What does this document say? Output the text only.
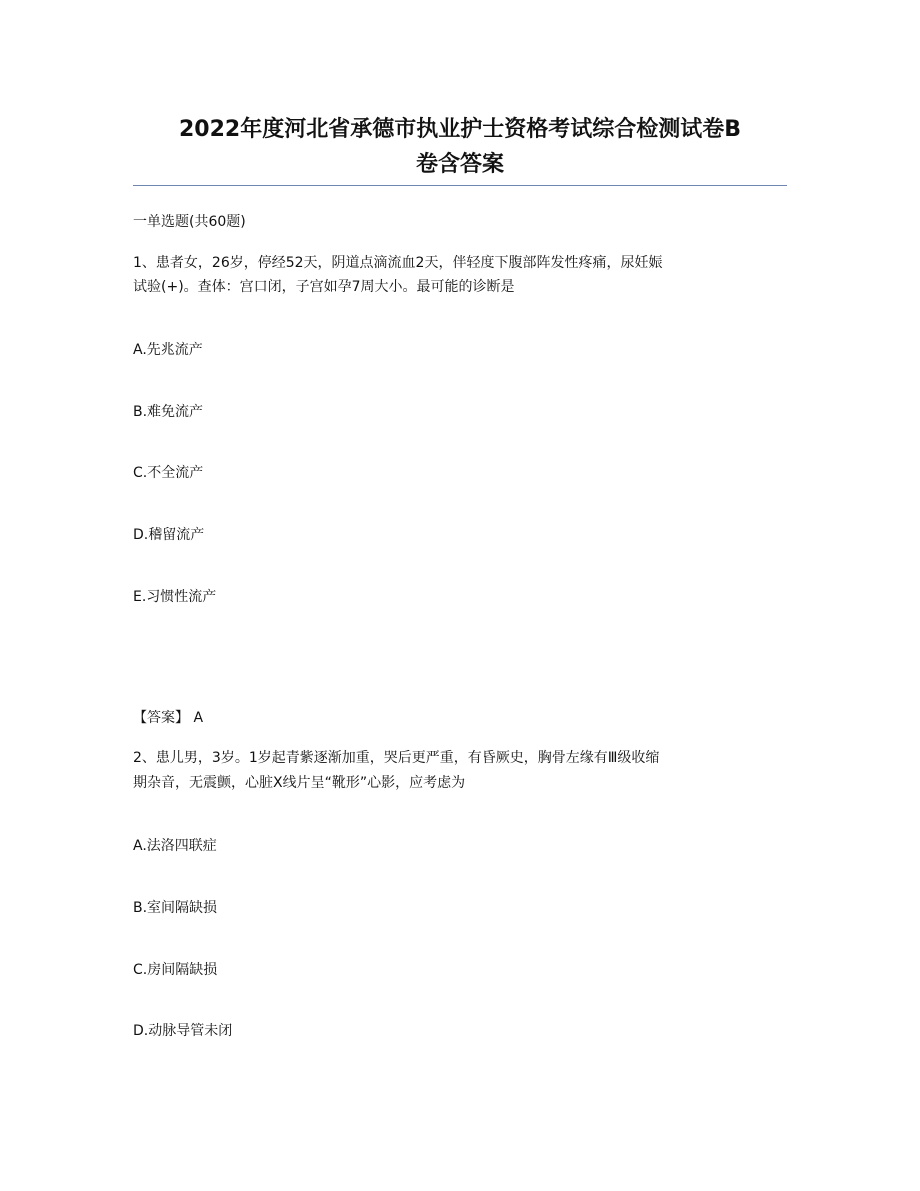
2022年度河北省承德市执业护士资格考试综合检测试卷B
卷含答案
一单选题(共60题)
1、患者女，26岁，停经52天，阴道点滴流血2天，伴轻度下腹部阵发性疼痛，尿妊娠
试验(+)。查体：宫口闭，子宫如孕7周大小。最可能的诊断是
A.先兆流产
B.难免流产
C.不全流产
D.稽留流产
E.习惯性流产
【答案】 A
2、患儿男，3岁。1岁起青紫逐渐加重，哭后更严重，有昏厥史，胸骨左缘有Ⅲ级收缩
期杂音，无震颤，心脏X线片呈“靴形”心影，应考虑为
A.法洛四联症
B.室间隔缺损
C.房间隔缺损
D.动脉导管未闭
